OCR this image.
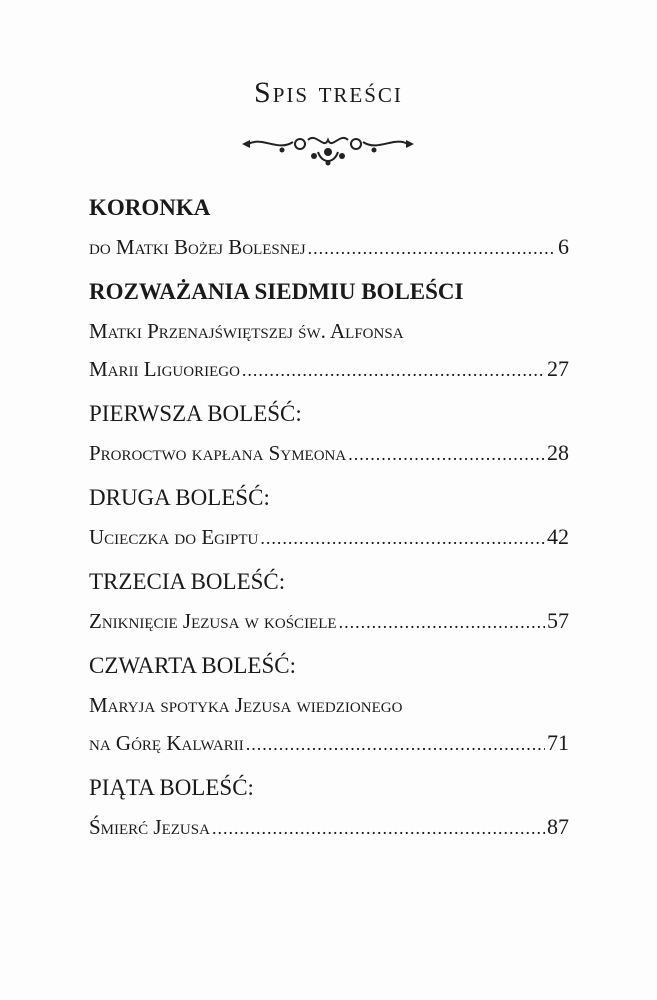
Spis treści
KORONKA
do Matki Bożej Bolesnej .....	6
ROZWAŻANIA SIEDMIU BOLEŚCI
Matki Przenajświętszej św. Alfonsa
Marii Liguoriego .....	27
PIERWSZA BOLEŚĆ:
Proroctwo kapłana Symeona .....	28
DRUGA BOLEŚĆ:
Ucieczka do Egiptu .....	42
TRZECIA BOLEŚĆ:
Zniknięcie Jezusa w kościele .....	57
CZWARTA BOLEŚĆ:
Maryja spotyka Jezusa wiedzionego
na Górę Kalwarii .....	71
PIĄTA BOLEŚĆ:
Śmierć Jezusa .....	87
